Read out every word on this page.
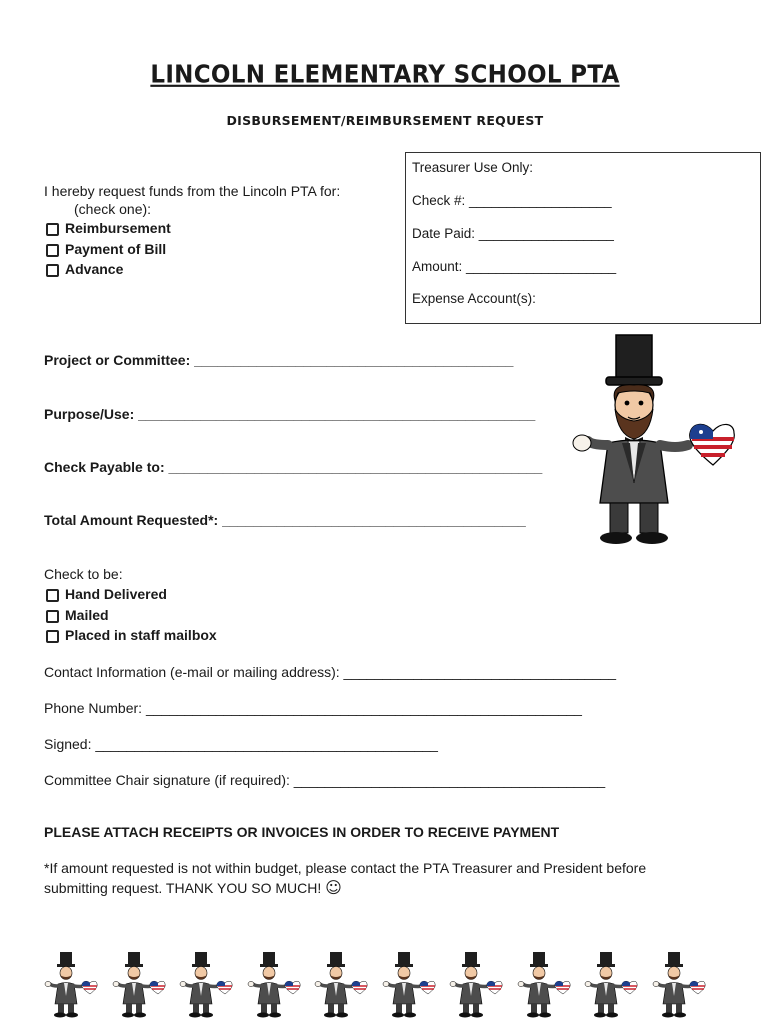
LINCOLN ELEMENTARY SCHOOL PTA
DISBURSEMENT/REIMBURSEMENT REQUEST
I hereby request funds from the Lincoln PTA for:
(check one):
Reimbursement
Payment of Bill
Advance
Treasurer Use Only:
Check #: ___________________
Date Paid: __________________
Amount: ____________________
Expense Account(s):
Project or Committee: _________________________________________
Purpose/Use: ___________________________________________________
Check Payable to: ________________________________________________
Total Amount Requested*: _______________________________________
Check to be:
Hand Delivered
Mailed
Placed in staff mailbox
Contact Information (e-mail or mailing address): ___________________________________
Phone Number: ________________________________________________________
Signed: ____________________________________________
Committee Chair signature (if required): ________________________________________
PLEASE ATTACH RECEIPTS OR INVOICES IN ORDER TO RECEIVE PAYMENT
*If amount requested is not within budget, please contact the PTA Treasurer and President before
submitting request. THANK YOU SO MUCH! ☺
